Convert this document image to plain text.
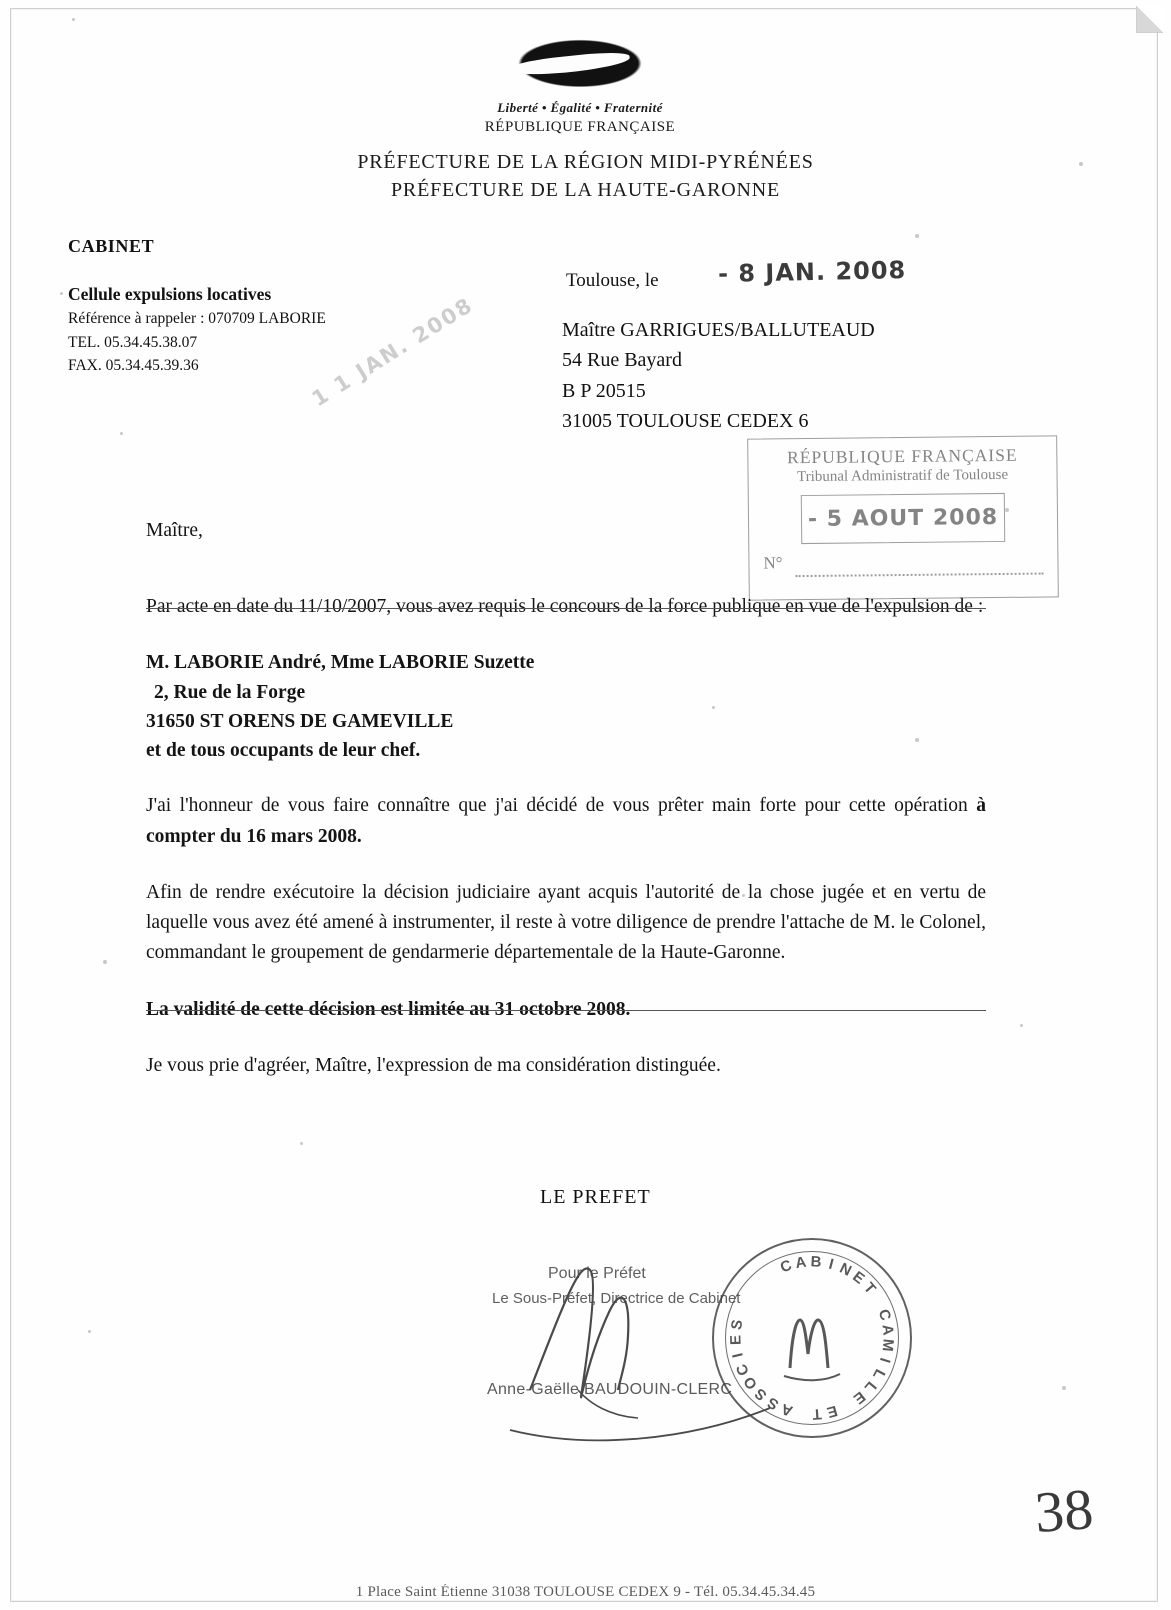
Liberté • Égalité • Fraternité
RÉPUBLIQUE FRANÇAISE
PRÉFECTURE DE LA RÉGION MIDI-PYRÉNÉES
PRÉFECTURE DE LA HAUTE-GARONNE
CABINET
Cellule expulsions locatives
Référence à rappeler : 070709 LABORIE
TEL. 05.34.45.38.07
FAX. 05.34.45.39.36	1 1 JAN. 2008
Toulouse, le - 8 JAN. 2008
Maître GARRIGUES/BALLUTEAUD
54 Rue Bayard
B P 20515
31005 TOULOUSE CEDEX 6
RÉPUBLIQUE FRANÇAISE
Tribunal Administratif de Toulouse
- 5 AOUT 2008
N°

Maître,

Par acte en date du 11/10/2007, vous avez requis le concours de la force publique en vue de l'expulsion de :

M. LABORIE André, Mme LABORIE Suzette
2, Rue de la Forge
31650 ST ORENS DE GAMEVILLE
et de tous occupants de leur chef.

J'ai l'honneur de vous faire connaître que j'ai décidé de vous prêter main forte pour cette opération à compter du 16 mars 2008.

Afin de rendre exécutoire la décision judiciaire ayant acquis l'autorité de la chose jugée et en vertu de laquelle vous avez été amené à instrumenter, il reste à votre diligence de prendre l'attache de M. le Colonel, commandant le groupement de gendarmerie départementale de la Haute-Garonne.

La validité de cette décision est limitée au 31 octobre 2008.

Je vous prie d'agréer, Maître, l'expression de ma considération distinguée.

LE PREFET
Pour le Préfet
Le Sous-Préfet, Directrice de Cabinet
Anne-Gaëlle BAUDOUIN-CLERC
C A B I N
E
T
C
A
M
I
L
L
E
E
T
A
S
S
O
C
I
E
S
38
1 Place Saint Étienne 31038 TOULOUSE CEDEX 9 - Tél. 05.34.45.34.45
